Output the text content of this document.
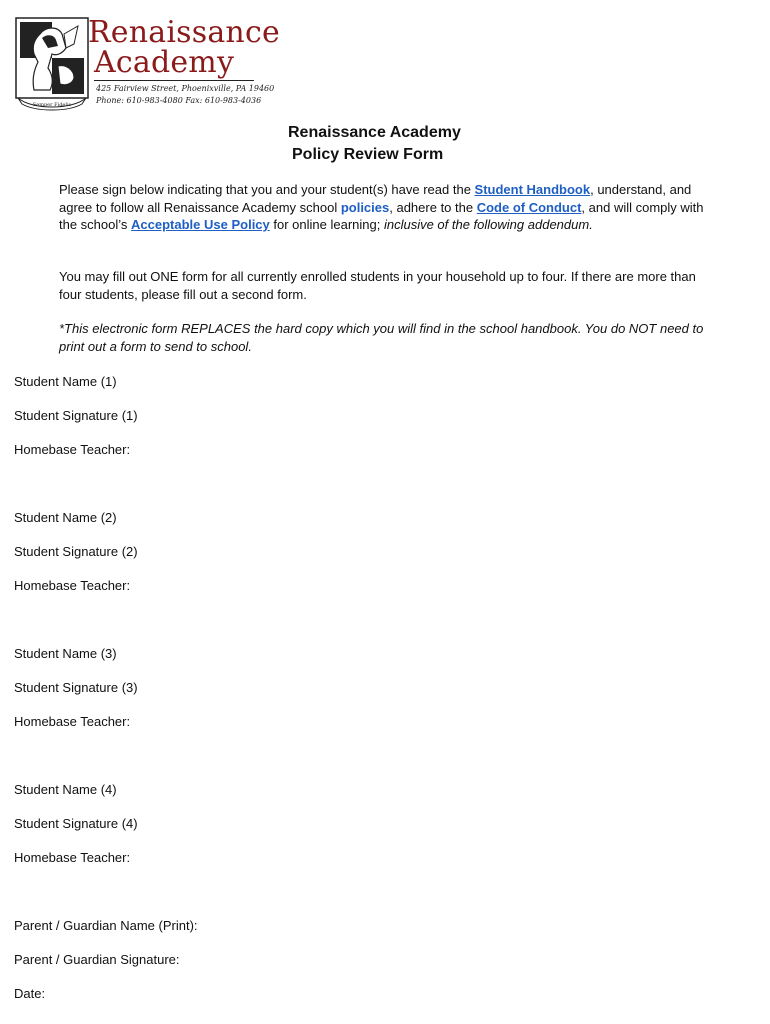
Semper Fidelis
Renaissance
Academy
425 Fairview Street, Phoenixville, PA 19460
Phone: 610-983-4080 Fax: 610-983-4036
Renaissance Academy
Policy Review Form
Please sign below indicating that you and your student(s) have read the Student Handbook, understand, and agree to follow all Renaissance Academy school policies, adhere to the Code of Conduct, and will comply with the school’s Acceptable Use Policy for online learning; inclusive of the following addendum.
You may fill out ONE form for all currently enrolled students in your household up to four. If there are more than four students, please fill out a second form.
*This electronic form REPLACES the hard copy which you will find in the school handbook. You do NOT need to print out a form to send to school.
Student Name (1)
Student Signature (1)
Homebase Teacher:
Student Name (2)
Student Signature (2)
Homebase Teacher:
Student Name (3)
Student Signature (3)
Homebase Teacher:
Student Name (4)
Student Signature (4)
Homebase Teacher:
Parent / Guardian Name (Print):
Parent / Guardian Signature:
Date:
